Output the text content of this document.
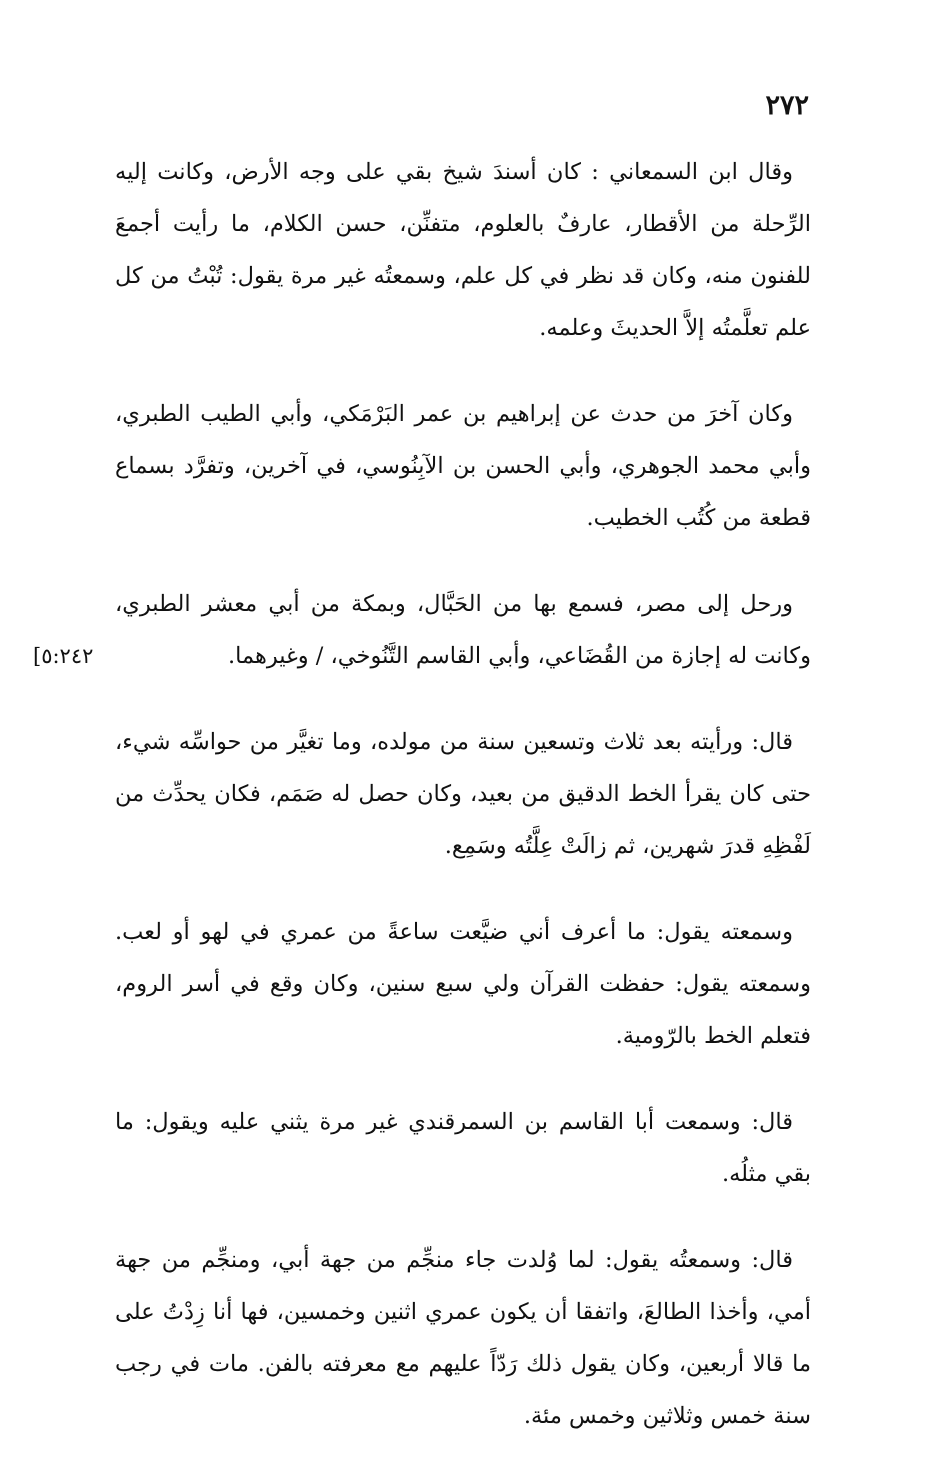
٢٧٢

وقال ابن السمعاني : كان أسندَ شيخ بقي على وجه الأرض، وكانت إليه الرِّحلة من الأقطار، عارفٌ بالعلوم، متفنِّن، حسن الكلام، ما رأيت أجمعَ للفنون منه، وكان قد نظر في كل علم، وسمعتُه غير مرة يقول: تُبْتُ من كل علم تعلَّمتُه إلاَّ الحديثَ وعلمه.

وكان آخرَ من حدث عن إبراهيم بن عمر البَرْمَكي، وأبي الطيب الطبري، وأبي محمد الجوهري، وأبي الحسن بن الآبِنُوسي، في آخرين، وتفرَّد بسماع قطعة من كُتُب الخطيب.

ورحل إلى مصر، فسمع بها من الحَبَّال، وبمكة من أبي معشر الطبري، وكانت له إجازة من القُضَاعي، وأبي القاسم التَّنُوخي، / وغيرهما.

[٥:٢٤٢

قال: ورأيته بعد ثلاث وتسعين سنة من مولده، وما تغيَّر من حواسِّه شيء، حتى كان يقرأ الخط الدقيق من بعيد، وكان حصل له صَمَم، فكان يحدِّث من لَفْظِهِ قدرَ شهرين، ثم زالَتْ عِلَّتُه وسَمِع.

وسمعته يقول: ما أعرف أني ضيَّعت ساعةً من عمري في لهو أو لعب. وسمعته يقول: حفظت القرآن ولي سبع سنين، وكان وقع في أسر الروم، فتعلم الخط بالرّومية.

قال: وسمعت أبا القاسم بن السمرقندي غير مرة يثني عليه ويقول: ما بقي مثلُه.

قال: وسمعتُه يقول: لما وُلدت جاء منجِّم من جهة أبي، ومنجِّم من جهة أمي، وأخذا الطالعَ، واتفقا أن يكون عمري اثنين وخمسين، فها أنا زِدْتُ على ما قالا أربعين، وكان يقول ذلك رَدّاً عليهم مع معرفته بالفن. مات في رجب سنة خمس وثلاثين وخمس مئة.
